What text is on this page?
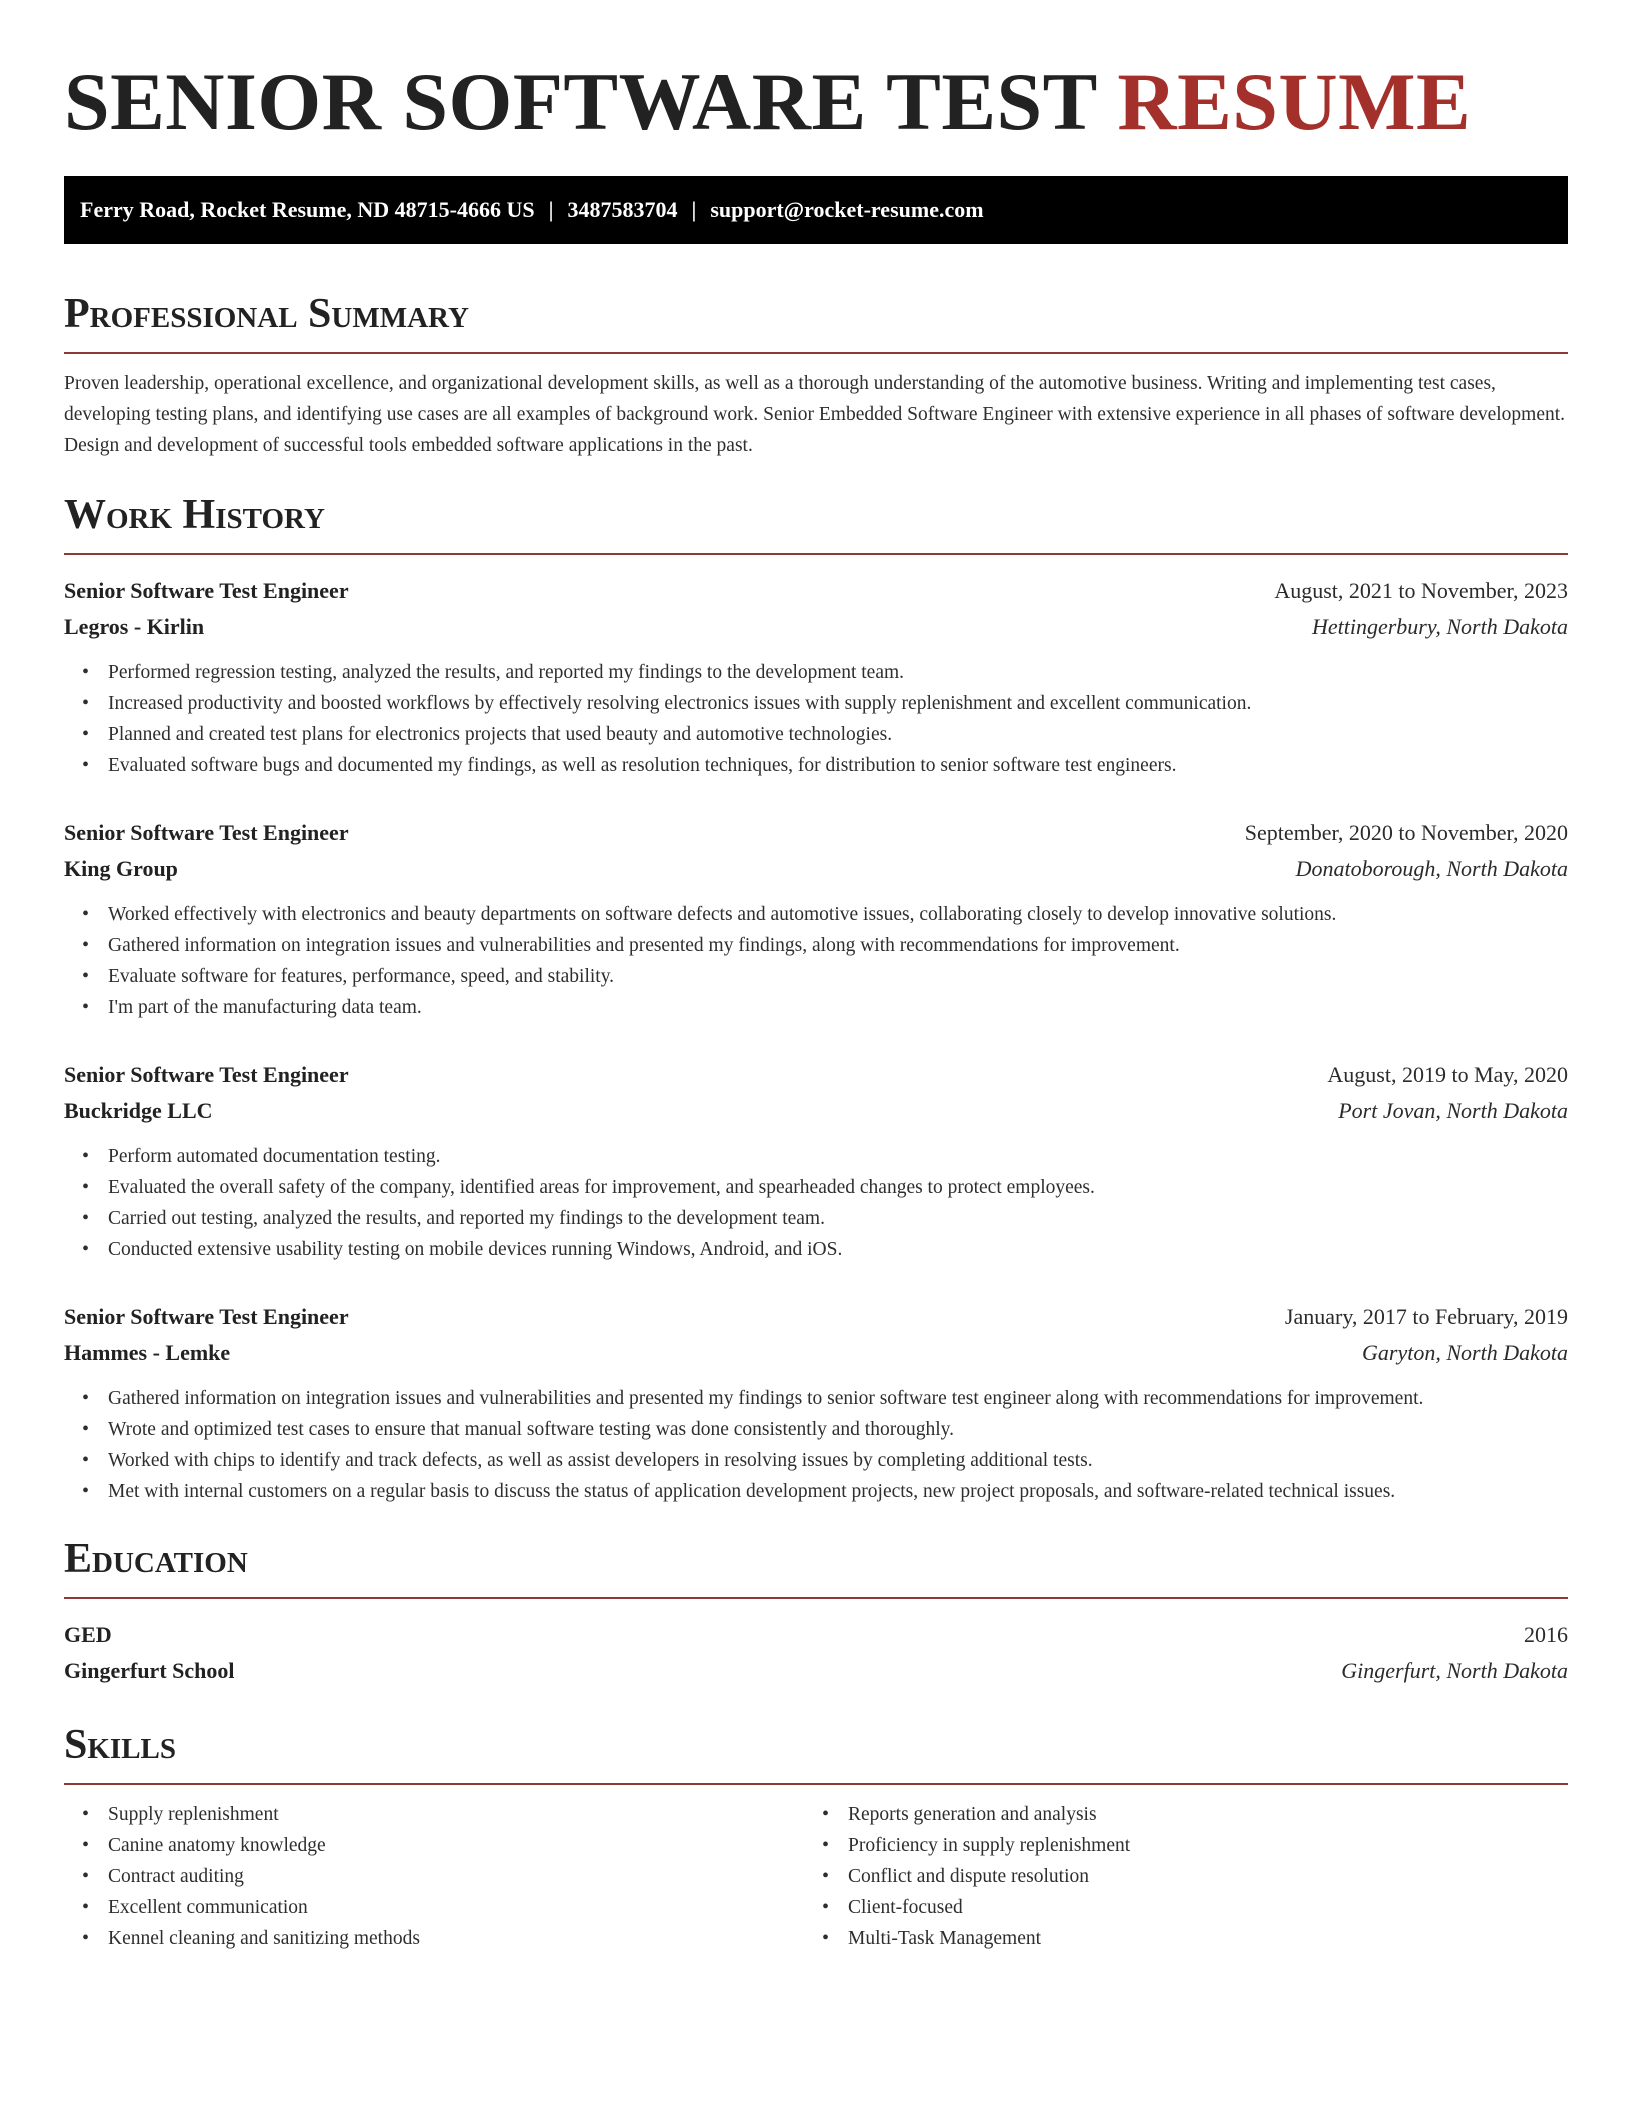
SENIOR SOFTWARE TEST RESUME
Ferry Road, Rocket Resume, ND 48715-4666 US | 3487583704 | support@rocket-resume.com
Professional Summary

Proven leadership, operational excellence, and organizational development skills, as well as a thorough understanding of the automotive business. Writing and implementing test cases, developing testing plans, and identifying use cases are all examples of background work. Senior Embedded Software Engineer with extensive experience in all phases of software development. Design and development of successful tools embedded software applications in the past.

Work History
Senior Software Test Engineer	August, 2021 to November, 2023
Legros - Kirlin	Hettingerbury, North Dakota
• Performed regression testing, analyzed the results, and reported my findings to the development team.
• Increased productivity and boosted workflows by effectively resolving electronics issues with supply replenishment and excellent communication.
• Planned and created test plans for electronics projects that used beauty and automotive technologies.
• Evaluated software bugs and documented my findings, as well as resolution techniques, for distribution to senior software test engineers.
Senior Software Test Engineer	September, 2020 to November, 2020
King Group	Donatoborough, North Dakota
• Worked effectively with electronics and beauty departments on software defects and automotive issues, collaborating closely to develop innovative solutions.
• Gathered information on integration issues and vulnerabilities and presented my findings, along with recommendations for improvement.
• Evaluate software for features, performance, speed, and stability.
• I'm part of the manufacturing data team.
Senior Software Test Engineer	August, 2019 to May, 2020
Buckridge LLC	Port Jovan, North Dakota
• Perform automated documentation testing.
• Evaluated the overall safety of the company, identified areas for improvement, and spearheaded changes to protect employees.
• Carried out testing, analyzed the results, and reported my findings to the development team.
• Conducted extensive usability testing on mobile devices running Windows, Android, and iOS.
Senior Software Test Engineer	January, 2017 to February, 2019
Hammes - Lemke	Garyton, North Dakota
• Gathered information on integration issues and vulnerabilities and presented my findings to senior software test engineer along with recommendations for improvement.
• Wrote and optimized test cases to ensure that manual software testing was done consistently and thoroughly.
• Worked with chips to identify and track defects, as well as assist developers in resolving issues by completing additional tests.
• Met with internal customers on a regular basis to discuss the status of application development projects, new project proposals, and software-related technical issues.
Education
GED	2016
Gingerfurt School	Gingerfurt, North Dakota
Skills
• Supply replenishment
• Canine anatomy knowledge
• Contract auditing
• Excellent communication
• Kennel cleaning and sanitizing methods
• Reports generation and analysis
• Proficiency in supply replenishment
• Conflict and dispute resolution
• Client-focused
• Multi-Task Management
